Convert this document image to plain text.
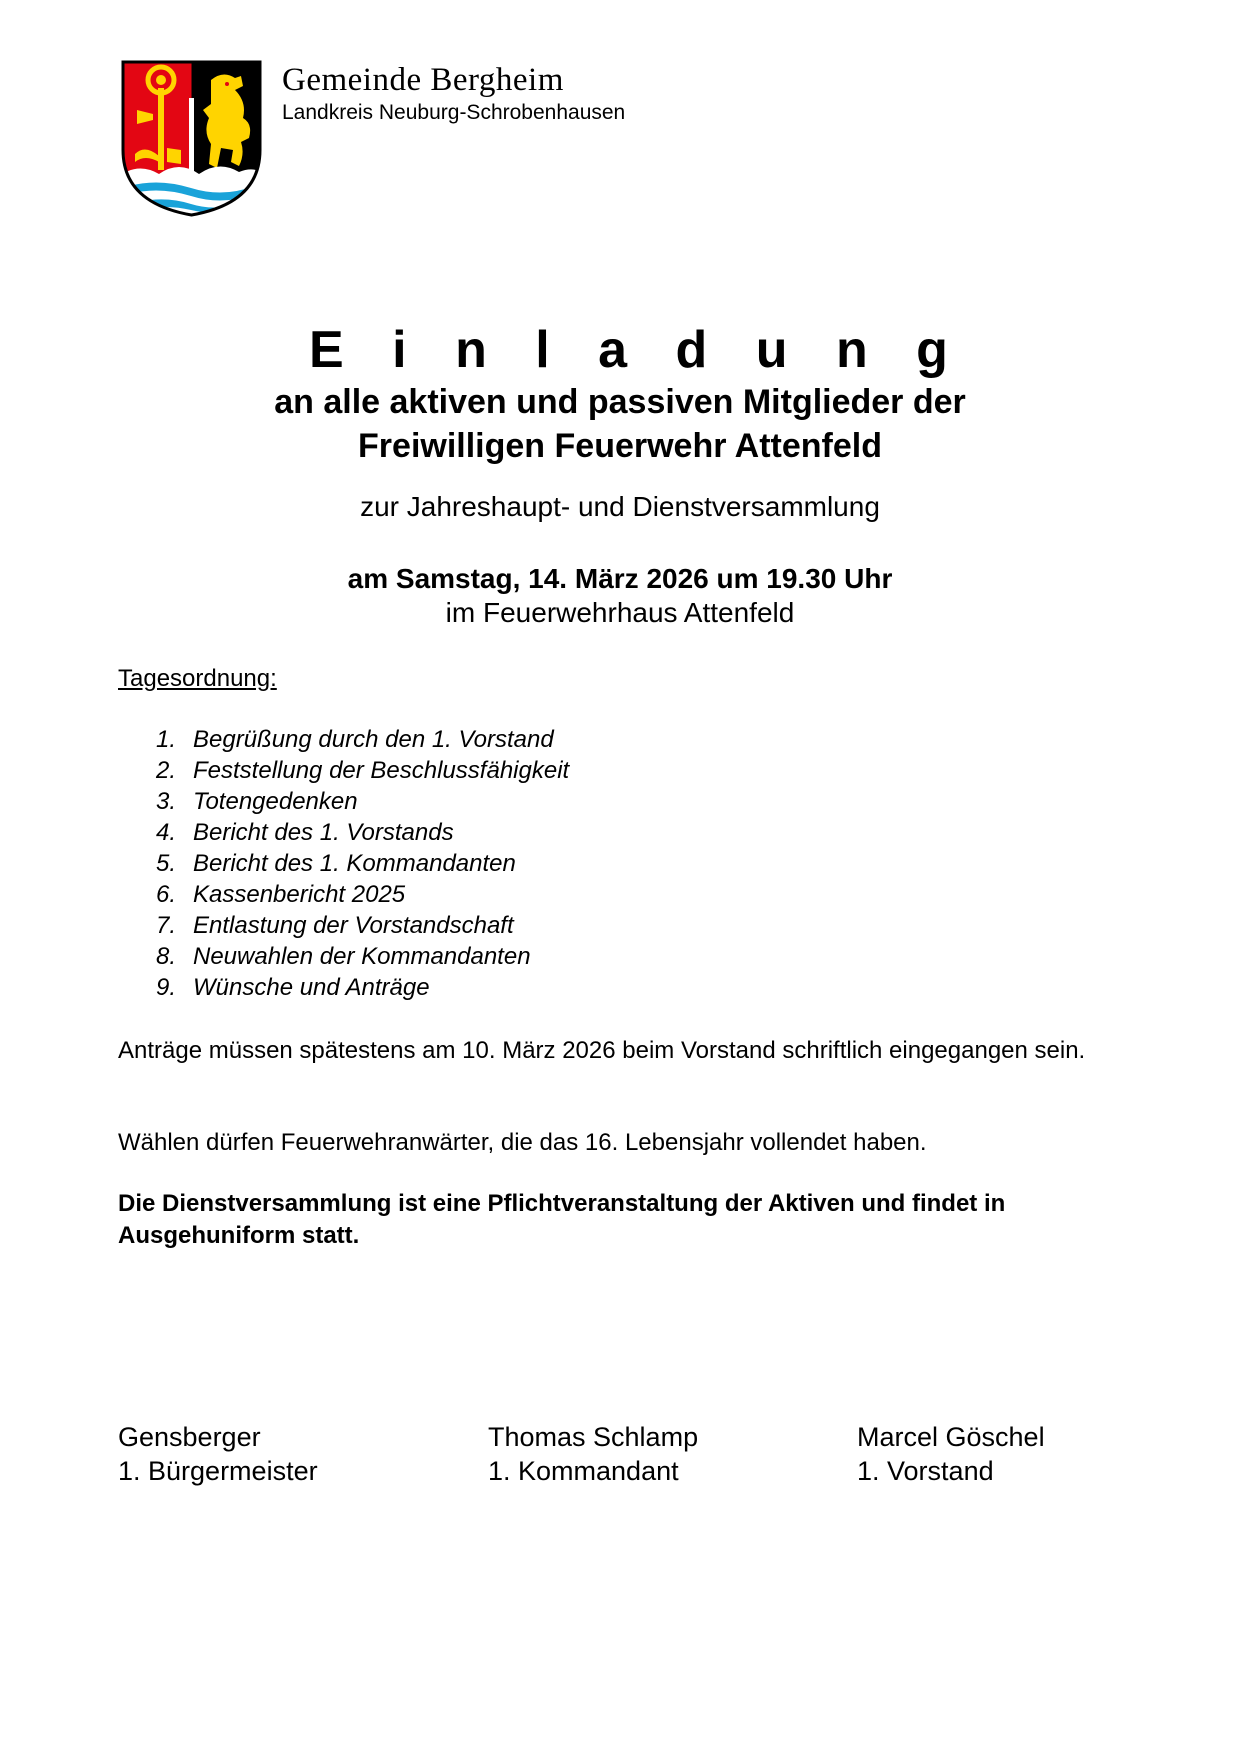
Gemeinde Bergheim
Landkreis Neuburg-Schrobenhausen
E i n l a d u n g
an alle aktiven und passiven Mitglieder der
Freiwilligen Feuerwehr Attenfeld
zur Jahreshaupt- und Dienstversammlung
am Samstag, 14. März 2026 um 19.30 Uhr
im Feuerwehrhaus Attenfeld
Tagesordnung:
1. Begrüßung durch den 1. Vorstand
2. Feststellung der Beschlussfähigkeit
3. Totengedenken
4. Bericht des 1. Vorstands
5. Bericht des 1. Kommandanten
6. Kassenbericht 2025
7. Entlastung der Vorstandschaft
8. Neuwahlen der Kommandanten
9. Wünsche und Anträge
Anträge müssen spätestens am 10. März 2026 beim Vorstand schriftlich eingegangen sein.
Wählen dürfen Feuerwehranwärter, die das 16. Lebensjahr vollendet haben.
Die Dienstversammlung ist eine Pflichtveranstaltung der Aktiven und findet in Ausgehuniform statt.
Gensberger
1. Bürgermeister
Thomas Schlamp
1. Kommandant
Marcel Göschel
1. Vorstand
